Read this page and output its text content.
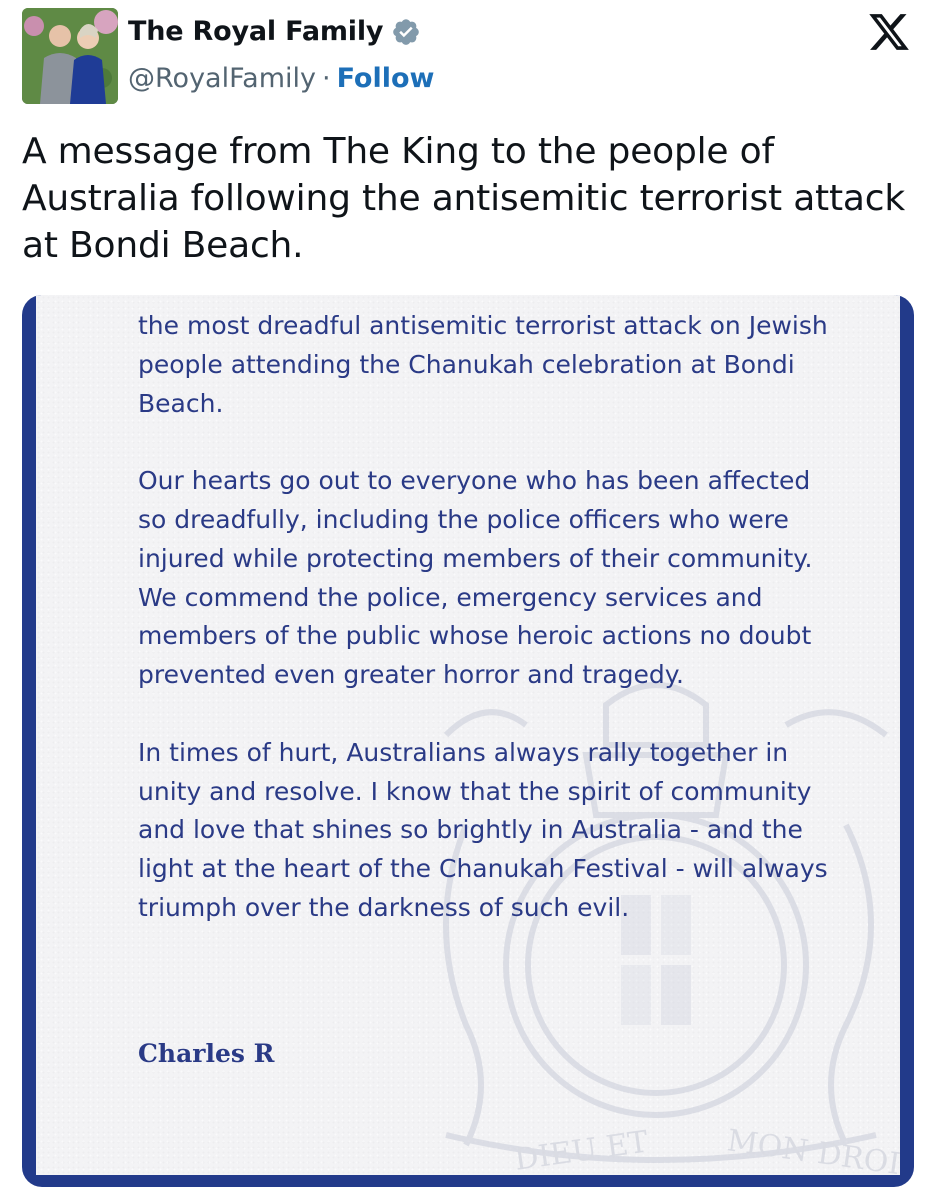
The Royal Family
@RoyalFamily · Follow
A message from The King to the people of Australia following the antisemitic terrorist attack at Bondi Beach.
DIEU ET MON DROIT

the most dreadful antisemitic terrorist attack on Jewish people attending the Chanukah celebration at Bondi Beach.

Our hearts go out to everyone who has been affected so dreadfully, including the police officers who were injured while protecting members of their community. We commend the police, emergency services and members of the public whose heroic actions no doubt prevented even greater horror and tragedy.

In times of hurt, Australians always rally together in unity and resolve. I know that the spirit of community and love that shines so brightly in Australia - and the light at the heart of the Chanukah Festival - will always triumph over the darkness of such evil.

Charles R
